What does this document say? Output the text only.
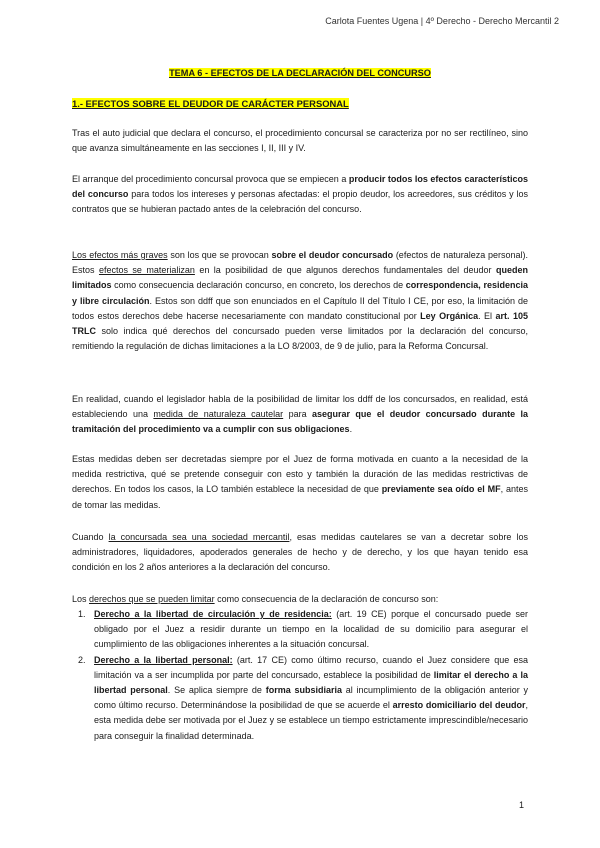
Carlota Fuentes Ugena | 4º Derecho - Derecho Mercantil 2
TEMA 6 - EFECTOS DE LA DECLARACIÓN DEL CONCURSO
1.- EFECTOS SOBRE EL DEUDOR DE CARÁCTER PERSONAL
Tras el auto judicial que declara el concurso, el procedimiento concursal se caracteriza por no ser rectilíneo, sino que avanza simultáneamente en las secciones I, II, III y IV.
El arranque del procedimiento concursal provoca que se empiecen a producir todos los efectos característicos del concurso para todos los intereses y personas afectadas: el propio deudor, los acreedores, sus créditos y los contratos que se hubieran pactado antes de la celebración del concurso.
Los efectos más graves son los que se provocan sobre el deudor concursado (efectos de naturaleza personal). Estos efectos se materializan en la posibilidad de que algunos derechos fundamentales del deudor queden limitados como consecuencia declaración concurso, en concreto, los derechos de correspondencia, residencia y libre circulación. Estos son ddff que son enunciados en el Capítulo II del Título I CE, por eso, la limitación de todos estos derechos debe hacerse necesariamente con mandato constitucional por Ley Orgánica. El art. 105 TRLC solo indica qué derechos del concursado pueden verse limitados por la declaración del concurso, remitiendo la regulación de dichas limitaciones a la LO 8/2003, de 9 de julio, para la Reforma Concursal.
En realidad, cuando el legislador habla de la posibilidad de limitar los ddff de los concursados, en realidad, está estableciendo una medida de naturaleza cautelar para asegurar que el deudor concursado durante la tramitación del procedimiento va a cumplir con sus obligaciones.
Estas medidas deben ser decretadas siempre por el Juez de forma motivada en cuanto a la necesidad de la medida restrictiva, qué se pretende conseguir con esto y también la duración de las medidas restrictivas de derechos. En todos los casos, la LO también establece la necesidad de que previamente sea oído el MF, antes de tomar las medidas.
Cuando la concursada sea una sociedad mercantil, esas medidas cautelares se van a decretar sobre los administradores, liquidadores, apoderados generales de hecho y de derecho, y los que hayan tenido esa condición en los 2 años anteriores a la declaración del concurso.
Los derechos que se pueden limitar como consecuencia de la declaración de concurso son:
1. Derecho a la libertad de circulación y de residencia: (art. 19 CE) porque el concursado puede ser obligado por el Juez a residir durante un tiempo en la localidad de su domicilio para asegurar el cumplimiento de las obligaciones inherentes a la situación concursal.
2. Derecho a la libertad personal: (art. 17 CE) como último recurso, cuando el Juez considere que esa limitación va a ser incumplida por parte del concursado, establece la posibilidad de limitar el derecho a la libertad personal. Se aplica siempre de forma subsidiaria al incumplimiento de la obligación anterior y como último recurso. Determinándose la posibilidad de que se acuerde el arresto domiciliario del deudor, esta medida debe ser motivada por el Juez y se establece un tiempo estrictamente imprescindible/necesario para conseguir la finalidad determinada.
1
